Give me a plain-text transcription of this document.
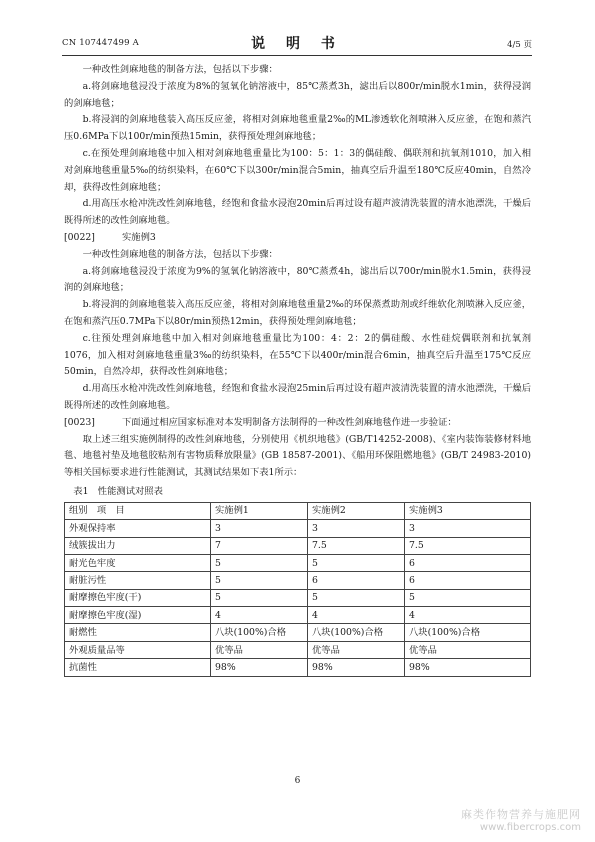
CN 107447499 A	说 明 书	4/5 页

一种改性剑麻地毯的制备方法，包括以下步骤：

a.将剑麻地毯浸没于浓度为8%的氢氧化钠溶液中，85℃蒸煮3h，滤出后以800r/min脱水1min，获得浸润的剑麻地毯；

b.将浸润的剑麻地毯装入高压反应釜，将相对剑麻地毯重量2‰的ML渗透软化剂喷淋入反应釜，在饱和蒸汽压0.6MPa下以100r/min预热15min，获得预处理剑麻地毯；

c.在预处理剑麻地毯中加入相对剑麻地毯重量比为100：5：1：3的偶硅酸、偶联剂和抗氧剂1010，加入相对剑麻地毯重量5‰的纺织染料，在60℃下以300r/min混合5min，抽真空后升温至180℃反应40min，自然冷却，获得改性剑麻地毯；

d.用高压水枪冲洗改性剑麻地毯，经饱和食盐水浸泡20min后再过设有超声波清洗装置的清水池漂洗，干燥后既得所述的改性剑麻地毯。

[0022]	实施例3

一种改性剑麻地毯的制备方法，包括以下步骤：

a.将剑麻地毯浸没于浓度为9%的氢氧化钠溶液中，80℃蒸煮4h，滤出后以700r/min脱水1.5min，获得浸润的剑麻地毯；

b.将浸润的剑麻地毯装入高压反应釜，将相对剑麻地毯重量2‰的环保蒸煮助剂或纤维软化剂喷淋入反应釜，在饱和蒸汽压0.7MPa下以80r/min预热12min，获得预处理剑麻地毯；

c.往预处理剑麻地毯中加入相对剑麻地毯重量比为100：4：2：2的偶硅酸、水性硅烷偶联剂和抗氧剂1076，加入相对剑麻地毯重量3‰的纺织染料，在55℃下以400r/min混合6min，抽真空后升温至175℃反应50min，自然冷却，获得改性剑麻地毯；

d.用高压水枪冲洗改性剑麻地毯，经饱和食盐水浸泡25min后再过设有超声波清洗装置的清水池漂洗，干燥后既得所述的改性剑麻地毯。

[0023]	下面通过相应国家标准对本发明制备方法制得的一种改性剑麻地毯作进一步验证：

取上述三组实施例制得的改性剑麻地毯，分别使用《机织地毯》(GB/T14252-2008)、《室内装饰装修材料地毯、地毯衬垫及地毯胶粘剂有害物质释放限量》(GB 18587-2001)、《船用环保阻燃地毯》(GB/T 24983-2010)等相关国标要求进行性能测试，其测试结果如下表1所示：

表1　性能测试对照表

组别　项　目	实施例1	实施例2	实施例3
外观保持率	3	3	3
绒簇拔出力	7	7.5	7.5
耐光色牢度	5	5	6
耐脏污性	5	6	6
耐摩擦色牢度(干)	5	5	5
耐摩擦色牢度(湿)	4	4	4
耐燃性	八块(100%)合格	八块(100%)合格	八块(100%)合格
外观质量品等	优等品	优等品	优等品
抗菌性	98%	98%	98%
6
麻类作物营养与施肥网
www.fibercrops.com
